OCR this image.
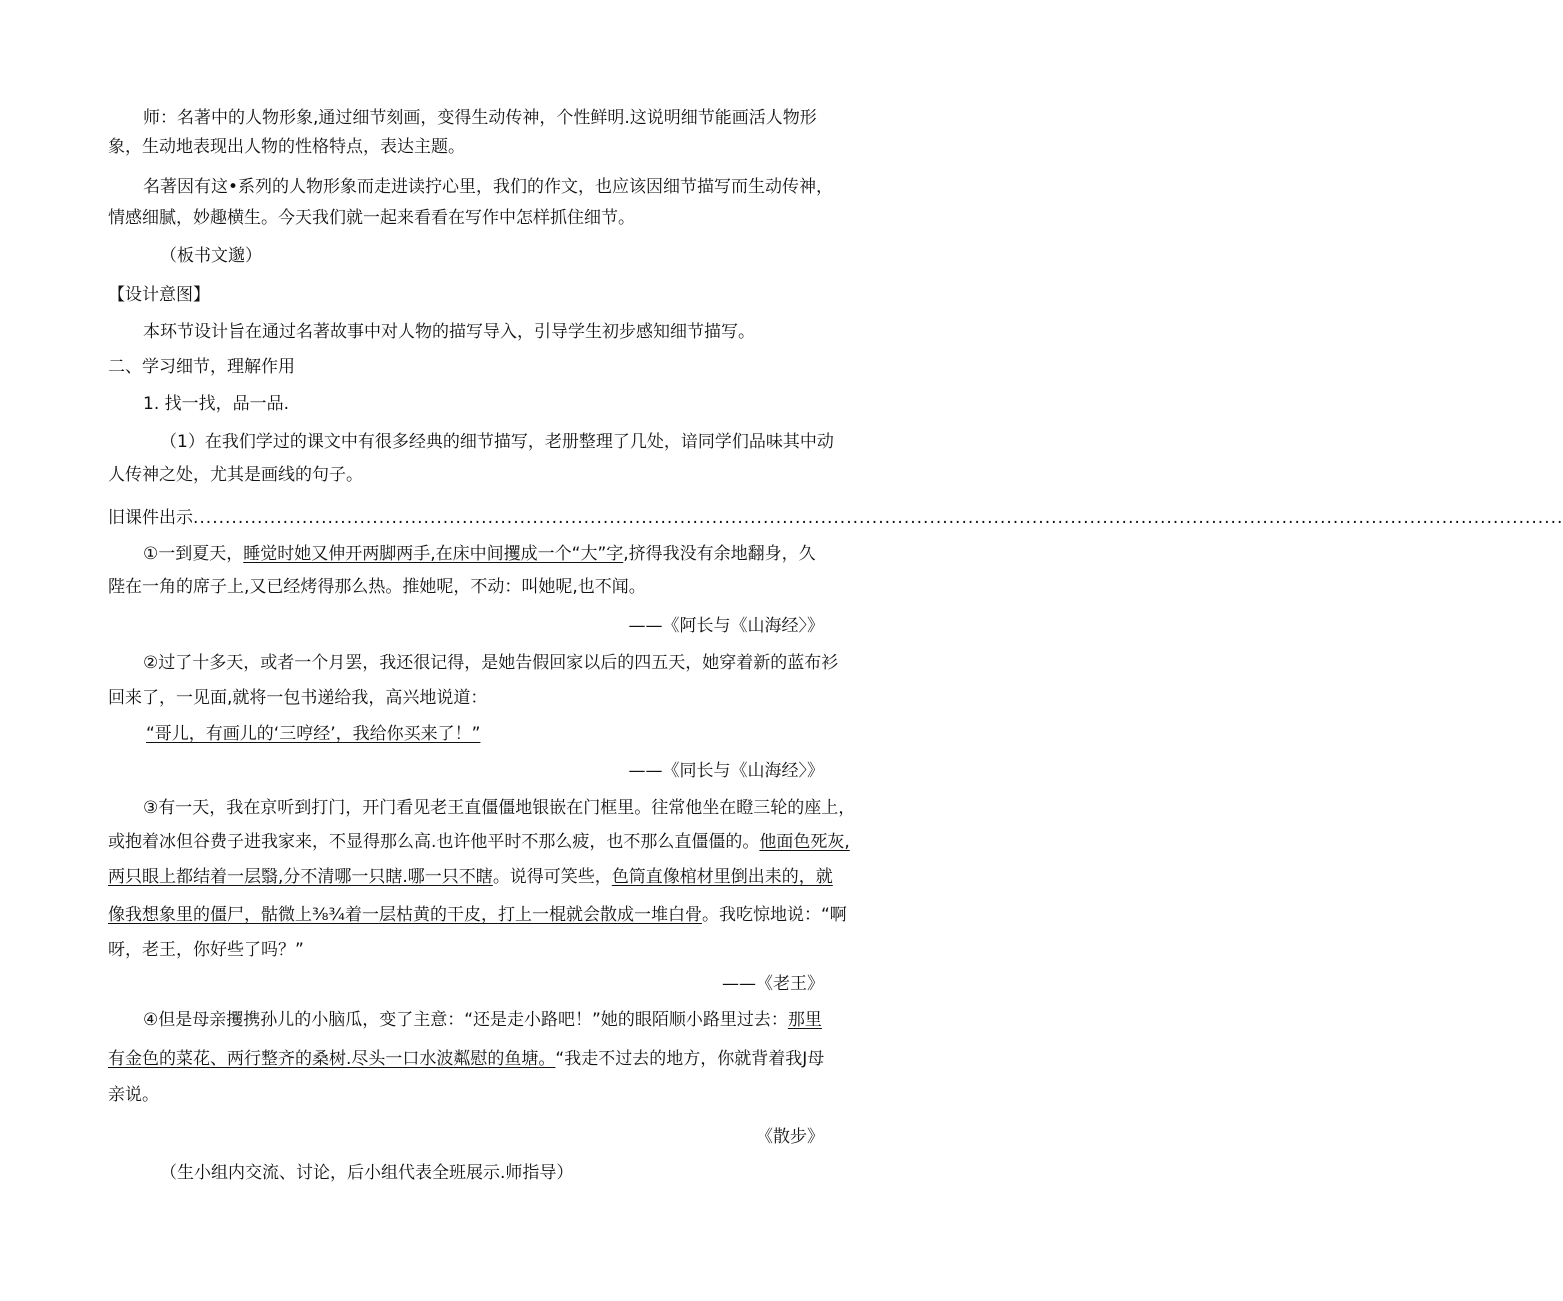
师：名著中的人物形象,通过细节刻画，变得生动传神，个性鲜明.这说明细节能画活人物形
象，生动地表现出人物的性格特点，表达主题。
名著因有这•系列的人物形象而走进读拧心里，我们的作文，也应该因细节描写而生动传神，
情感细腻，妙趣横生。今天我们就一起来看看在写作中怎样抓住细节。
（板书文邈）
【设计意图】
本环节设计旨在通过名著故事中对人物的描写导入，引导学生初步感知细节描写。
二、学习细节，理解作用
1. 找一找，品一品.
（1）在我们学过的课文中有很多经典的细节描写，老册整理了几处，谙同学们品味其中动
人传神之处，尤其是画线的句子。
旧课件出示......................................................................................................................................................................................................................
①一到夏天，睡觉时她又伸开两脚两手,在床中间攫成一个“大”字,挤得我没有余地翻身，久
陛在一角的席子上,又已经烤得那么热。推她呢，不动：叫她呢,也不闻。
——《阿长与《山海经〉》
②过了十多天，或者一个月罢，我还很记得，是她告假回家以后的四五天，她穿着新的蓝布衫
回来了，一见面,就将一包书递给我，高兴地说道：
“哥儿，有画儿的‘三哼经’，我给你买来了！”
——《同长与《山海经〉》
③有一天，我在京听到打门，开门看见老王直僵僵地银嵌在门框里。往常他坐在瞪三轮的座上，
或抱着冰但谷费子进我家来，不显得那么高.也许他平时不那么疲，也不那么直僵僵的。他面色死灰,
两只眼上都结着一层翳,分不清哪一只瞎.哪一只不瞎。说得可笑些，色筒直像棺材里倒出耒的，就
像我想象里的僵尸，骷微上⅜¾着一层枯黄的干皮，打上一棍就会散成一堆白骨。我吃惊地说：“啊
呀，老王，你好些了吗？”
——《老王》
④但是母亲攫携孙儿的小脑瓜，变了主意：“还是走小路吧！”她的眼陌顺小路里过去：那里
有金色的菜花、两行整齐的桑树.尽头一口水波粼慰的鱼塘。“我走不过去的地方，你就背着我J母
亲说。
《散步》
（生小组内交流、讨论，后小组代表全班展示.师指导）
